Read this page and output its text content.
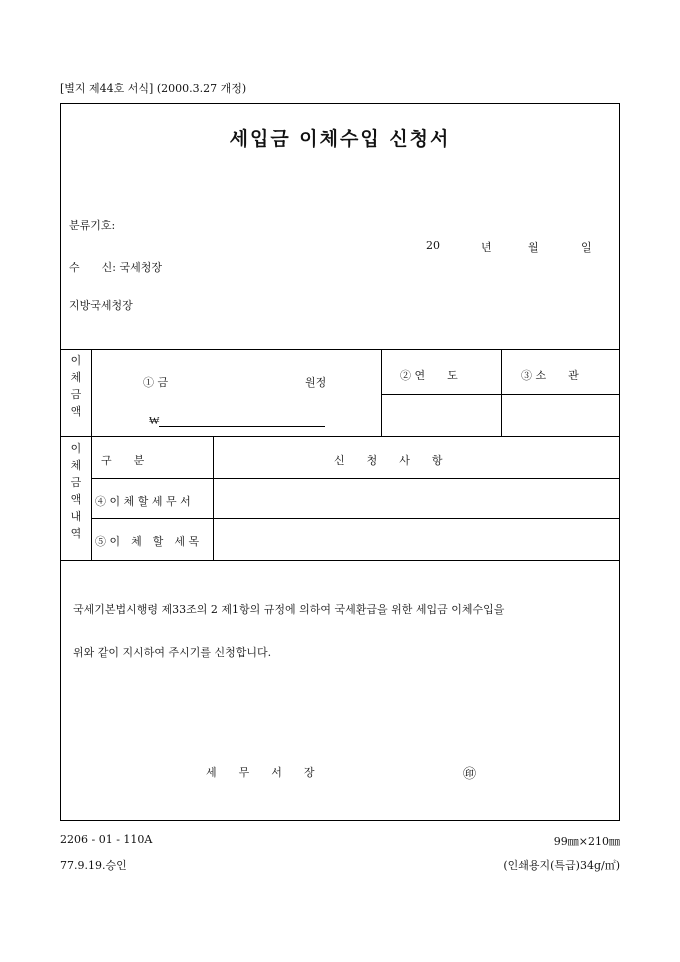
[별지 제44호 서식] (2000.3.27 개정)
세입금 이체수입 신청서
분류기호:
20	년	월	일
수　　신: 국세청장
지방국세청장
이
체
금
액
① 금	원정
₩
② 연　　도	③ 소　　관
이
체
금
액
내
역
구　　분	신　　청　　사　　항
④ 이 체 할 세 무 서
⑤ 이　체　할　세 목
국세기본법시행령 제33조의 2 제1항의 규정에 의하여 국세환급을 위한 세입금 이체수입을
위와 같이 지시하여 주시기를 신청합니다.
세　　무　　서　　장	㊞
2206 - 01 - 110A	99㎜×210㎜
77.9.19.승인	(인쇄용지(특급)34g/㎡)
